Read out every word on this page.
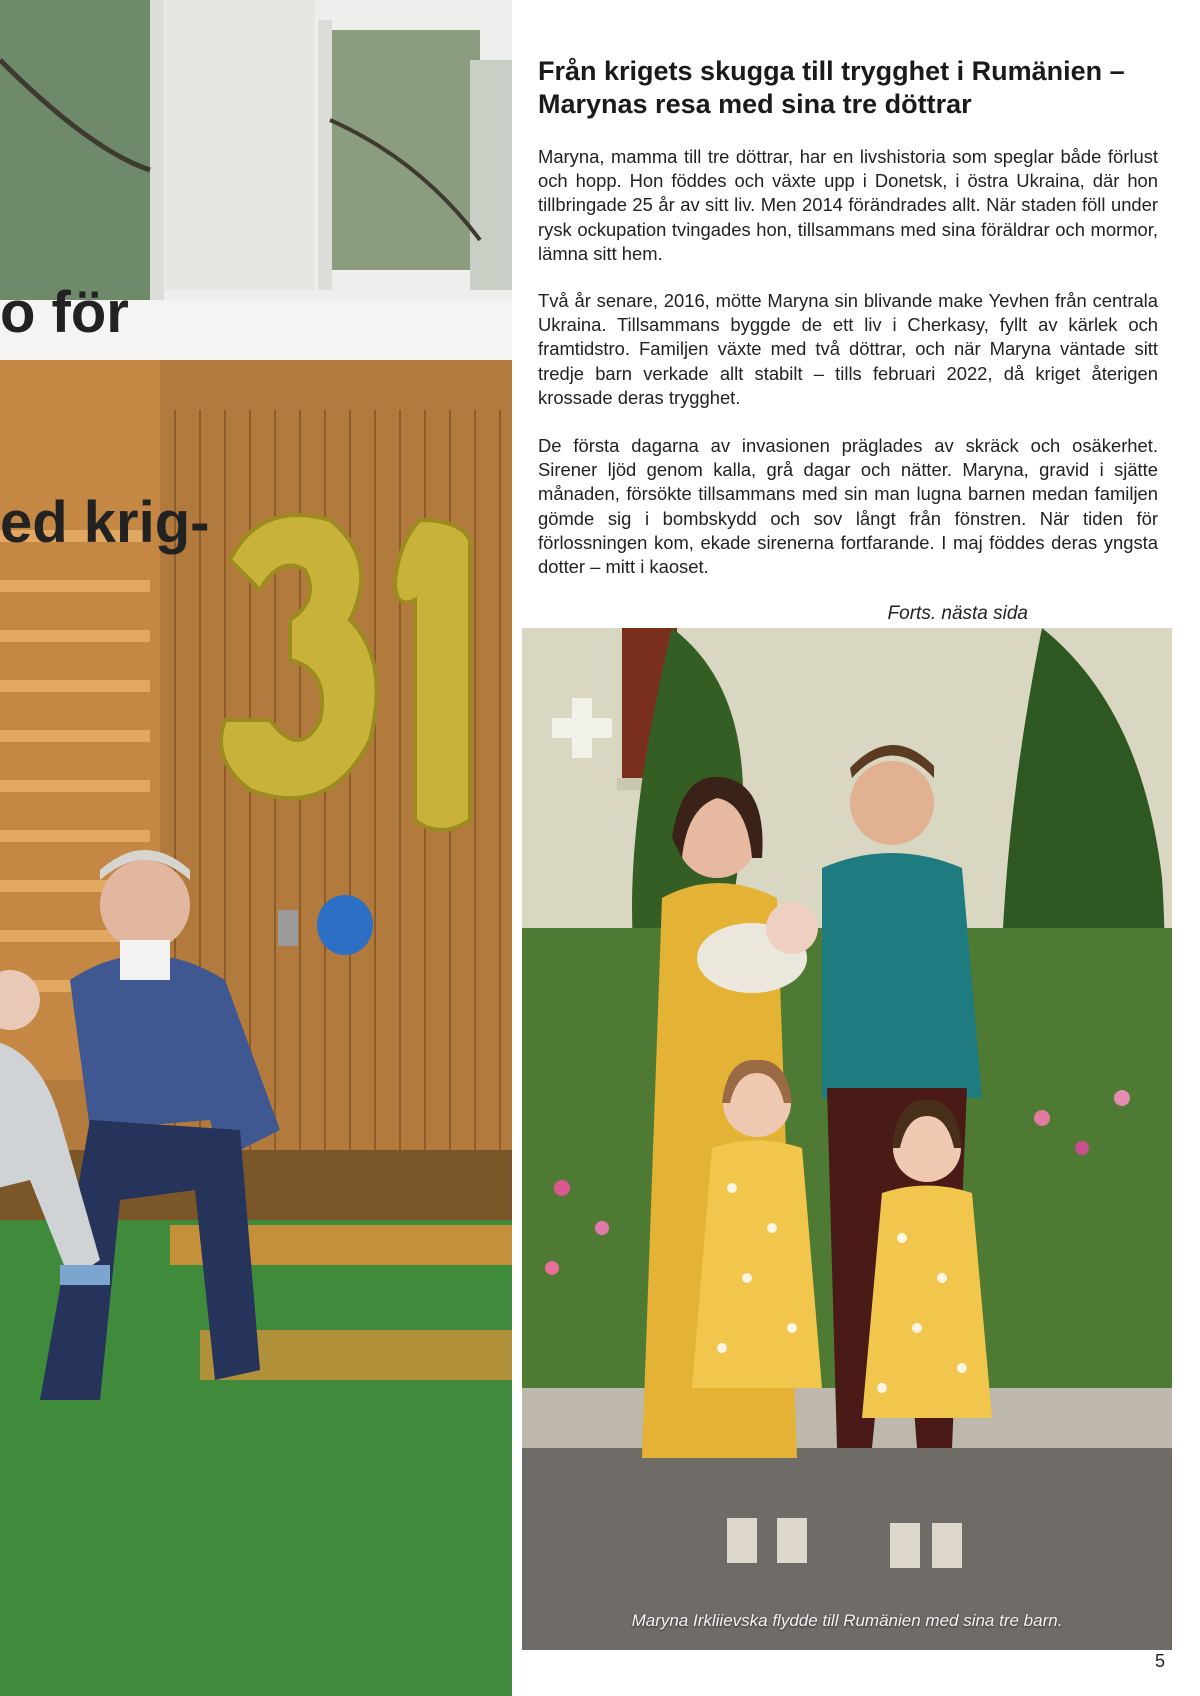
o för

ed krig-

Från krigets skugga till trygghet i Rumänien – Marynas resa med sina tre döttrar

Maryna, mamma till tre döttrar, har en livshistoria som speglar både förlust och hopp. Hon föddes och växte upp i Donetsk, i östra Ukraina, där hon tillbringade 25 år av sitt liv. Men 2014 förändrades allt. När staden föll under rysk ockupation tvingades hon, tillsammans med sina föräldrar och mormor, lämna sitt hem.

Två år senare, 2016, mötte Maryna sin blivande make Yevhen från centrala Ukraina. Tillsammans byggde de ett liv i Cherkasy, fyllt av kärlek och framtidstro. Familjen växte med två döttrar, och när Maryna väntade sitt tredje barn verkade allt stabilt – tills februari 2022, då kriget återigen krossade deras trygghet.

De första dagarna av invasionen präglades av skräck och osäkerhet. Sirener ljöd genom kalla, grå dagar och nätter. Maryna, gravid i sjätte månaden, försökte tillsammans med sin man lugna barnen medan familjen gömde sig i bombskydd och sov långt från fönstren. När tiden för förlossningen kom, ekade sirenerna fortfarande. I maj föddes deras yngsta dotter – mitt i kaoset.

Forts. nästa sida
Maryna Irkliievska flydde till Rumänien med sina tre barn.
5
